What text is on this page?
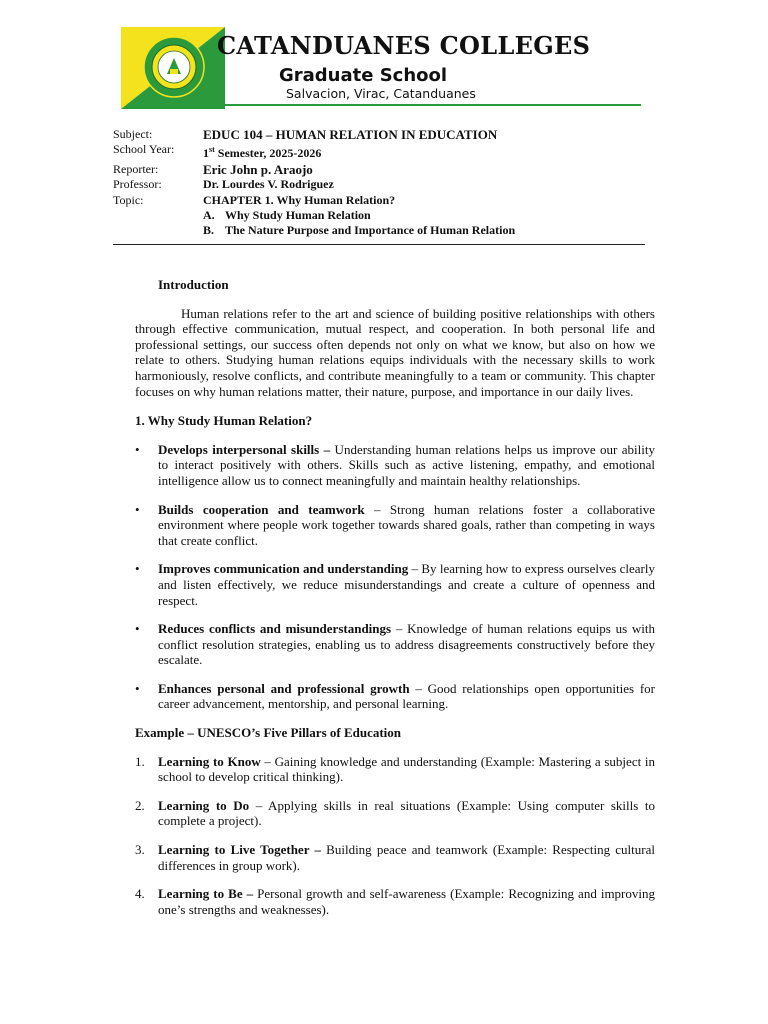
CATANDUANES COLLEGES
Graduate School
Salvacion, Virac, Catanduanes
Subject:	EDUC 104 – HUMAN RELATION IN EDUCATION
School Year:	1st Semester, 2025-2026
Reporter:	Eric John p. Araojo
Professor:	Dr. Lourdes V. Rodriguez
Topic:	CHAPTER 1. Why Human Relation?
A. Why Study Human Relation
B. The Nature Purpose and Importance of Human Relation

Introduction

Human relations refer to the art and science of building positive relationships with others through effective communication, mutual respect, and cooperation. In both personal life and professional settings, our success often depends not only on what we know, but also on how we relate to others. Studying human relations equips individuals with the necessary skills to work harmoniously, resolve conflicts, and contribute meaningfully to a team or community. This chapter focuses on why human relations matter, their nature, purpose, and importance in our daily lives.

1. Why Study Human Relation?

• Develops interpersonal skills – Understanding human relations helps us improve our ability to interact positively with others. Skills such as active listening, empathy, and emotional intelligence allow us to connect meaningfully and maintain healthy relationships.
• Builds cooperation and teamwork – Strong human relations foster a collaborative environment where people work together towards shared goals, rather than competing in ways that create conflict.
• Improves communication and understanding – By learning how to express ourselves clearly and listen effectively, we reduce misunderstandings and create a culture of openness and respect.
• Reduces conflicts and misunderstandings – Knowledge of human relations equips us with conflict resolution strategies, enabling us to address disagreements constructively before they escalate.
• Enhances personal and professional growth – Good relationships open opportunities for career advancement, mentorship, and personal learning.

Example – UNESCO’s Five Pillars of Education

1. Learning to Know – Gaining knowledge and understanding (Example: Mastering a subject in school to develop critical thinking).
2. Learning to Do – Applying skills in real situations (Example: Using computer skills to complete a project).
3. Learning to Live Together – Building peace and teamwork (Example: Respecting cultural differences in group work).
4. Learning to Be – Personal growth and self-awareness (Example: Recognizing and improving one’s strengths and weaknesses).
